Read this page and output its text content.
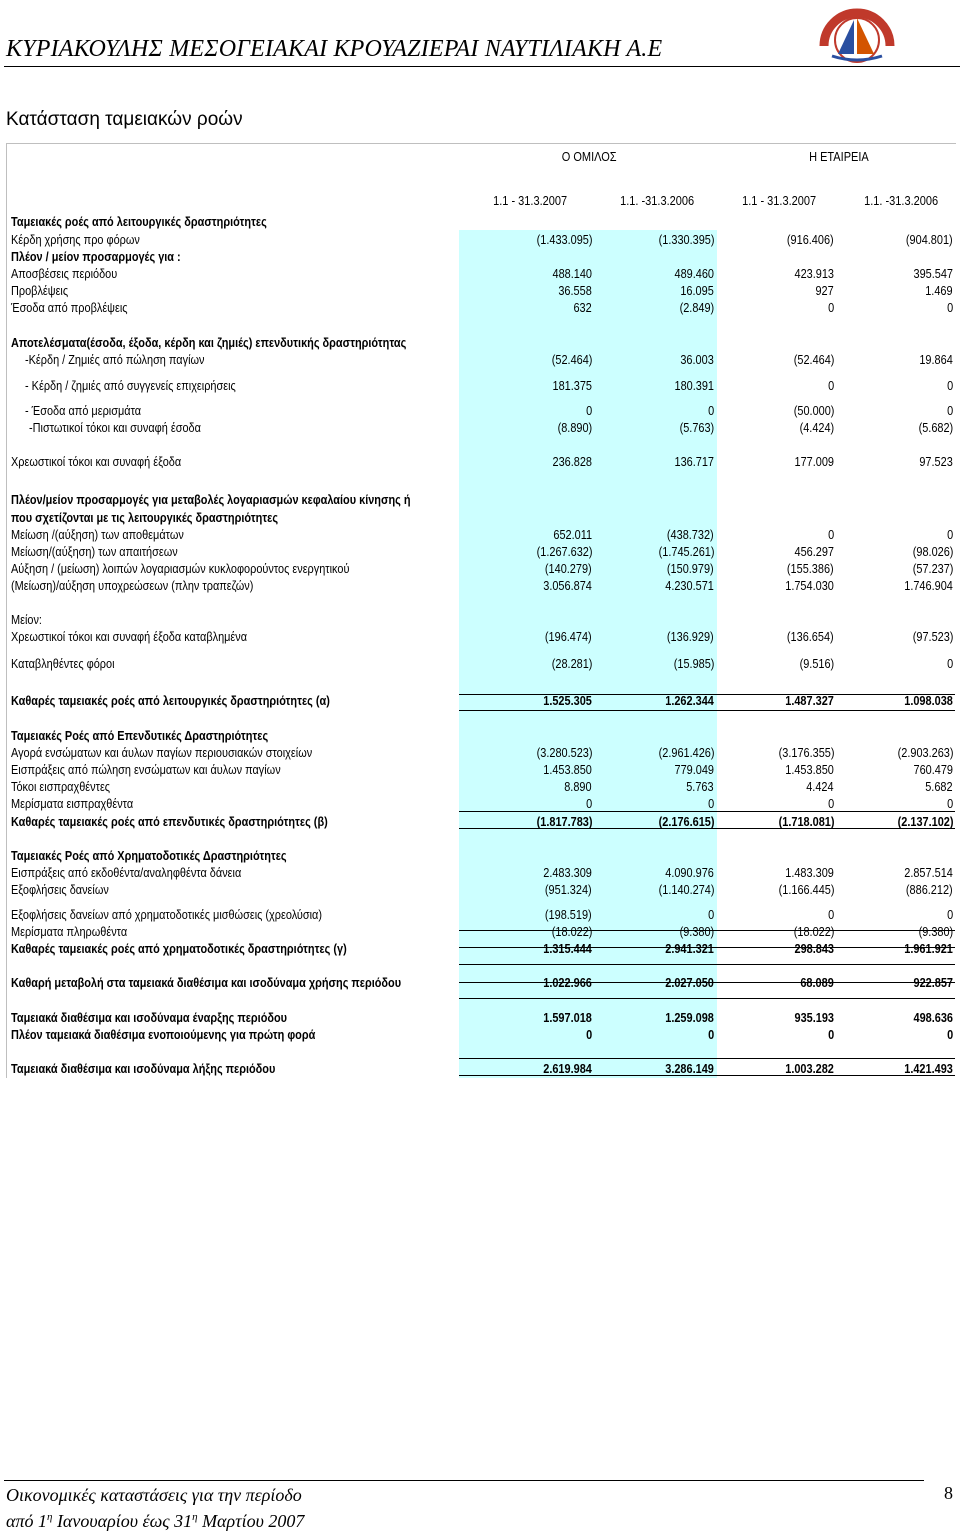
ΚΥΡΙΑΚΟΥΛΗΣ ΜΕΣΟΓΕΙΑΚΑΙ ΚΡΟΥΑΖΙΕΡΑΙ ΝΑΥΤΙΛΙΑΚΗ Α.Ε
Κατάσταση ταμειακών ροών
Ο ΟΜΙΛΟΣ	Η ΕΤΑΙΡΕΙΑ
1.1 - 31.3.2007	1.1. -31.3.2006	1.1 - 31.3.2007	1.1. -31.3.2006
Ταμειακές ροές από λειτουργικές δραστηριότητες
Κέρδη χρήσης προ φόρων	(1.433.095)	(1.330.395)	(916.406)	(904.801)
Πλέον / μείον προσαρμογές για :
Αποσβέσεις περιόδου	488.140	489.460	423.913	395.547
Προβλέψεις	36.558	16.095	927	1.469
Έσοδα από προβλέψεις	632	(2.849)	0	0
Αποτελέσματα(έσοδα, έξοδα, κέρδη και ζημιές) επενδυτικής δραστηριότητας
-Κέρδη / Ζημιές από πώληση παγίων	(52.464)	36.003	(52.464)	19.864
- Κέρδη / ζημιές από συγγενείς επιχειρήσεις	181.375	180.391	0	0
- Έσοδα από μερισμάτα	0	0	(50.000)	0
-Πιστωτικοί τόκοι και συναφή έσοδα	(8.890)	(5.763)	(4.424)	(5.682)
Χρεωστικοί τόκοι και συναφή έξοδα	236.828	136.717	177.009	97.523
Πλέον/μείον προσαρμογές για μεταβολές λογαριασμών κεφαλαίου κίνησης ή
που σχετίζονται με τις λειτουργικές δραστηριότητες
Μείωση /(αύξηση) των αποθεμάτων	652.011	(438.732)	0	0
Μείωση/(αύξηση) των απαιτήσεων	(1.267.632)	(1.745.261)	456.297	(98.026)
Αύξηση / (μείωση) λοιπών λογαριασμών κυκλοφορούντος ενεργητικού	(140.279)	(150.979)	(155.386)	(57.237)
(Μείωση)/αύξηση υποχρεώσεων (πλην τραπεζών)	3.056.874	4.230.571	1.754.030	1.746.904
Μείον:
Χρεωστικοί τόκοι και συναφή έξοδα καταβλημένα	(196.474)	(136.929)	(136.654)	(97.523)
Καταβληθέντες φόροι	(28.281)	(15.985)	(9.516)	0
Καθαρές ταμειακές ροές από λειτουργικές δραστηριότητες (α)	1.525.305	1.262.344	1.487.327	1.098.038
Ταμειακές Ροές από Επενδυτικές Δραστηριότητες
Αγορά ενσώματων και άυλων παγίων περιουσιακών στοιχείων	(3.280.523)	(2.961.426)	(3.176.355)	(2.903.263)
Εισπράξεις από πώληση ενσώματων και άυλων παγίων	1.453.850	779.049	1.453.850	760.479
Τόκοι εισπραχθέντες	8.890	5.763	4.424	5.682
Μερίσματα εισπραχθέντα	0	0	0	0
Καθαρές ταμειακές ροές από επενδυτικές δραστηριότητες (β)	(1.817.783)	(2.176.615)	(1.718.081)	(2.137.102)
Ταμειακές Ροές από Χρηματοδοτικές Δραστηριότητες
Εισπράξεις από εκδοθέντα/αναληφθέντα δάνεια	2.483.309	4.090.976	1.483.309	2.857.514
Εξοφλήσεις δανείων	(951.324)	(1.140.274)	(1.166.445)	(886.212)
Εξοφλήσεις δανείων από χρηματοδοτικές μισθώσεις (χρεολύσια)	(198.519)	0	0	0
Μερίσματα πληρωθέντα	(18.022)	(9.380)	(18.022)	(9.380)
Καθαρές ταμειακές ροές από χρηματοδοτικές δραστηριότητες (γ)	1.315.444	2.941.321	298.843	1.961.921
Καθαρή μεταβολή στα ταμειακά διαθέσιμα και ισοδύναμα χρήσης περιόδου	1.022.966	2.027.050	68.089	922.857
Ταμειακά διαθέσιμα και ισοδύναμα έναρξης περιόδου	1.597.018	1.259.098	935.193	498.636
Πλέον ταμειακά διαθέσιμα ενοποιούμενης για πρώτη φορά	0	0	0	0
Ταμειακά διαθέσιμα και ισοδύναμα λήξης περιόδου	2.619.984	3.286.149	1.003.282	1.421.493
Οικονομικές καταστάσεις για την περίοδο
από $1^\eta$ Ιανουαρίου έως $31^\eta$ Μαρτίου 2007
8
